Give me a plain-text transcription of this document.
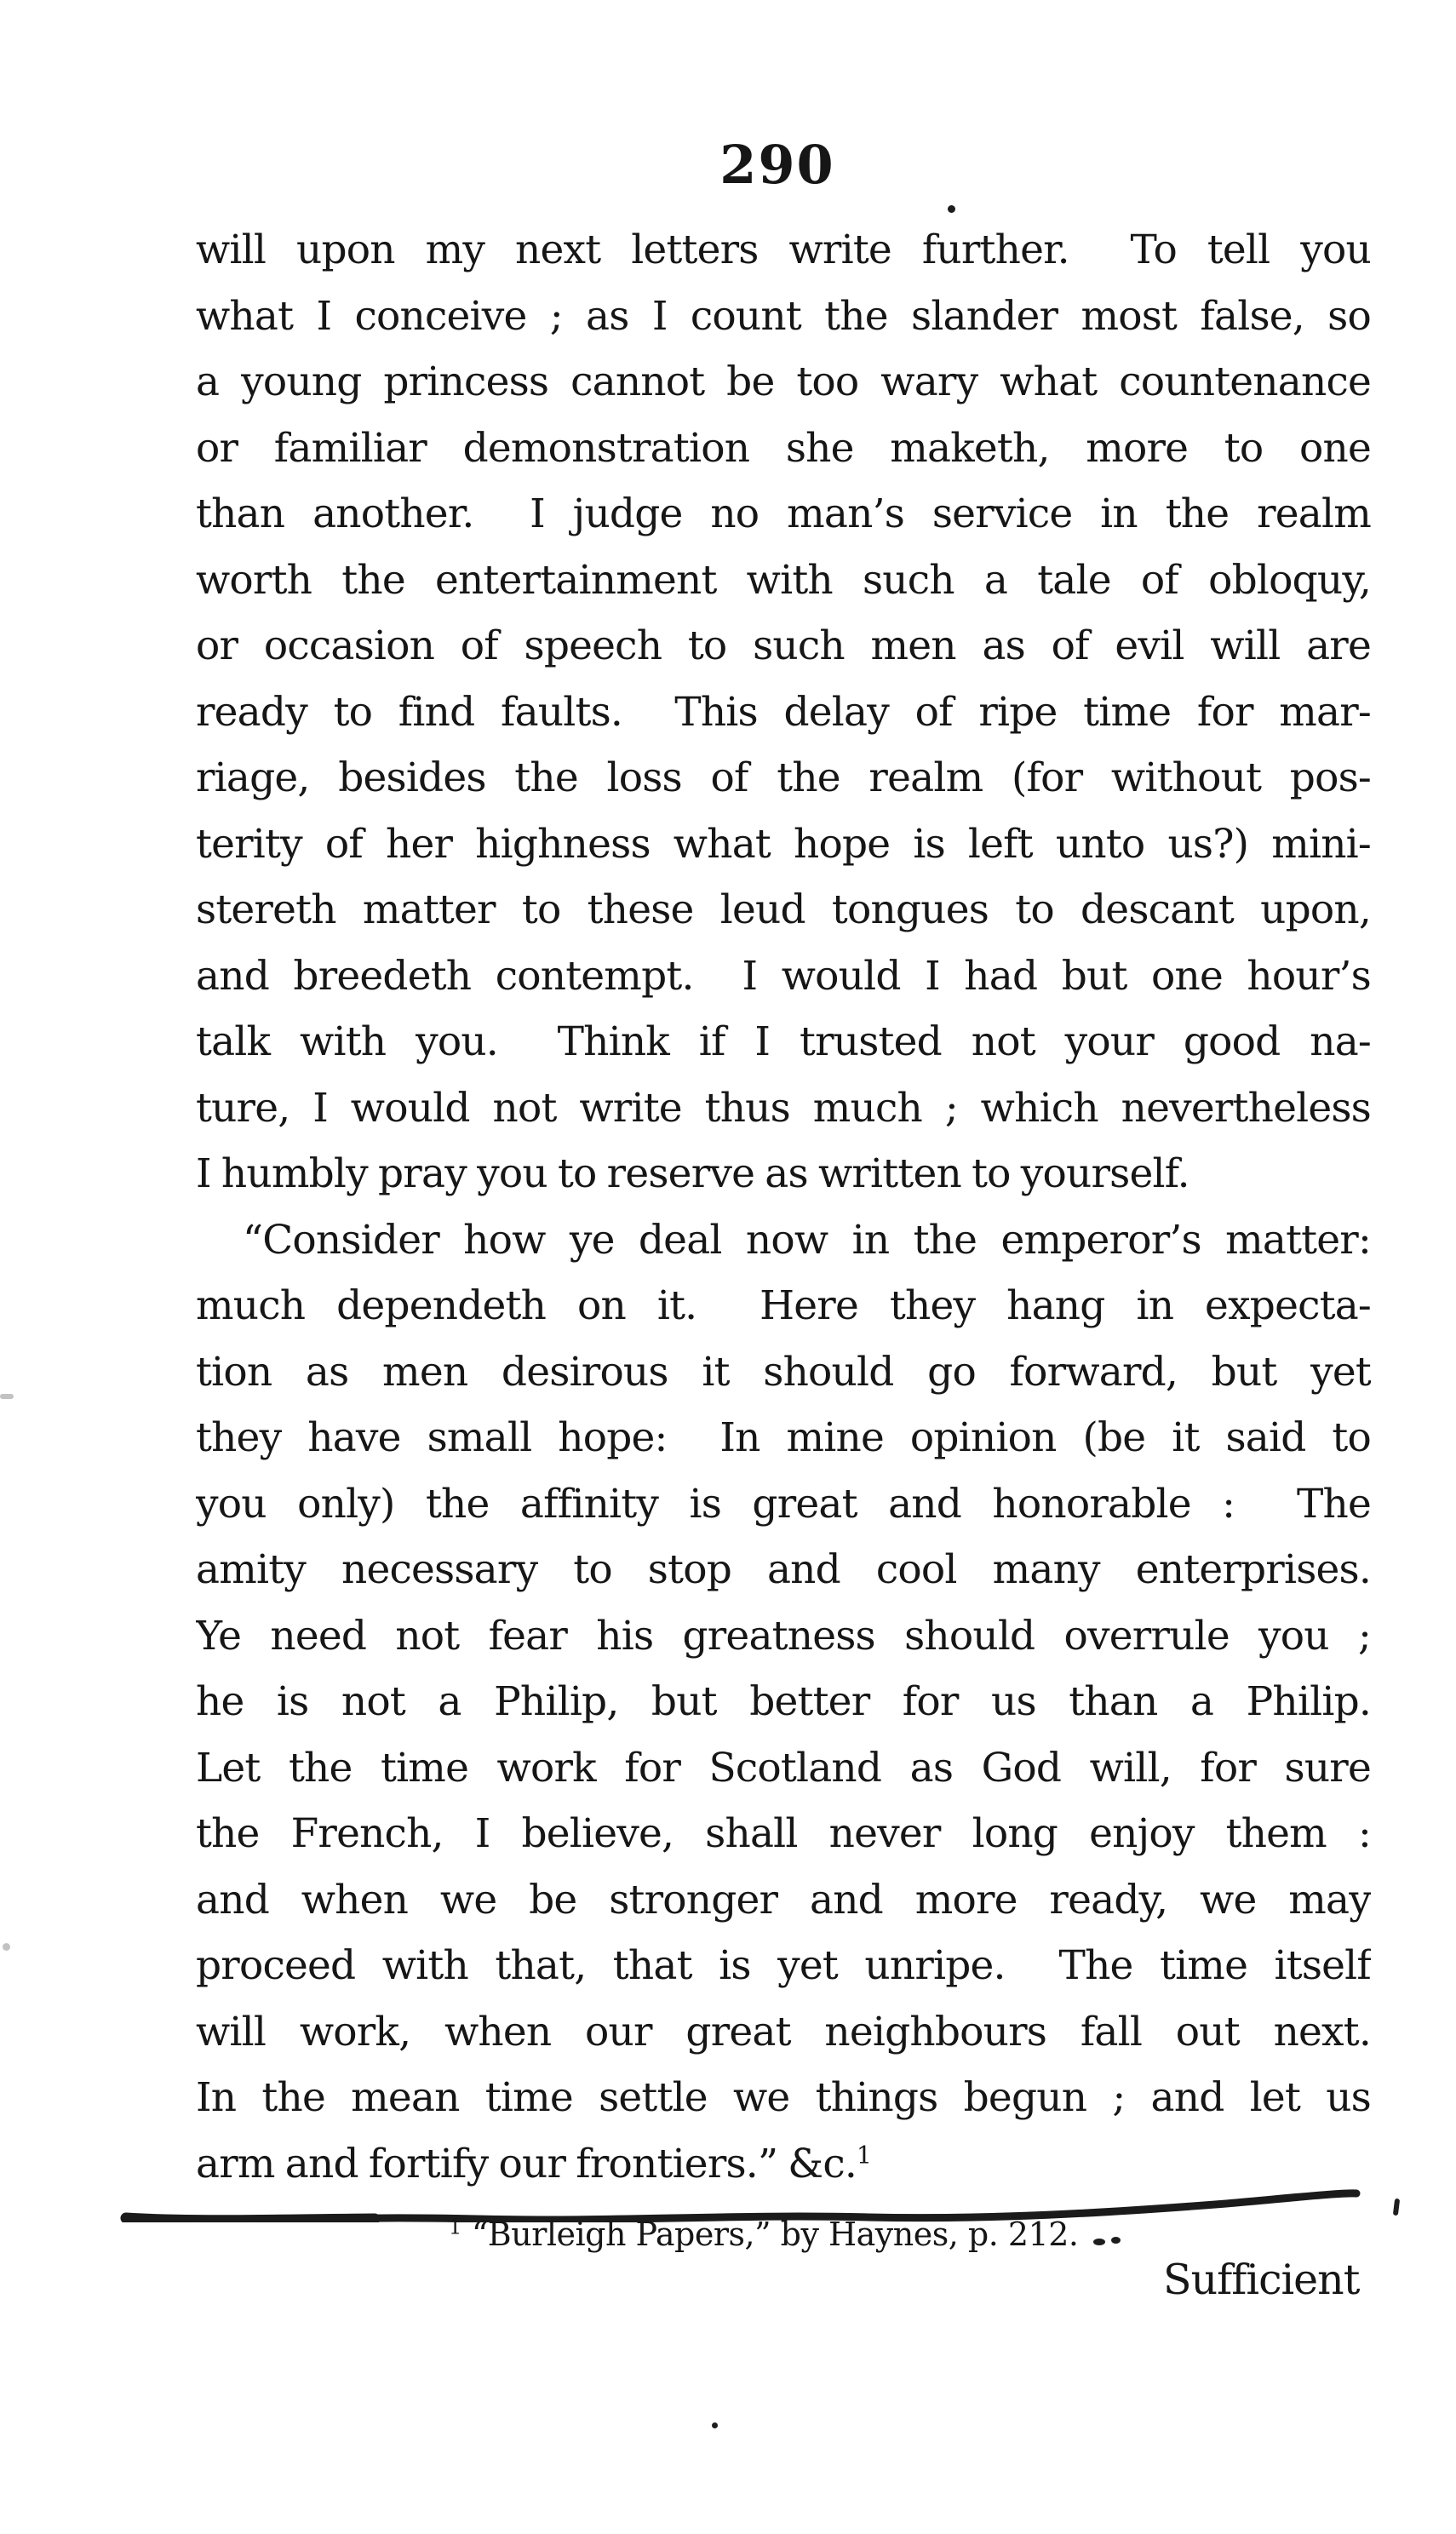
290
will upon my next letters write further.  To tell you
what I conceive ; as I count the slander most false, so
a young princess cannot be too wary what countenance
or familiar demonstration she maketh, more to one
than another.  I judge no man’s service in the realm
worth the entertainment with such a tale of obloquy,
or occasion of speech to such men as of evil will are
ready to find faults.  This delay of ripe time for mar-
riage, besides the loss of the realm (for without pos-
terity of her highness what hope is left unto us?) mini-
stereth matter to these leud tongues to descant upon,
and breedeth contempt.  I would I had but one hour’s
talk with you.  Think if I trusted not your good na-
ture, I would not write thus much ; which nevertheless
I humbly pray you to reserve as written to yourself.
“Consider how ye deal now in the emperor’s matter:
much dependeth on it.  Here they hang in expecta-
tion as men desirous it should go forward, but yet
they have small hope:  In mine opinion (be it said to
you only) the affinity is great and honorable :  The
amity necessary to stop and cool many enterprises.
Ye need not fear his greatness should overrule you ;
he is not a Philip, but better for us than a Philip.
Let the time work for Scotland as God will, for sure
the French, I believe, shall never long enjoy them :
and when we be stronger and more ready, we may
proceed with that, that is yet unripe.  The time itself
will work, when our great neighbours fall out next.
In the mean time settle we things begun ; and let us
arm and fortify our frontiers.” &c.$^1$
$^1$ “Burleigh Papers,” by Haynes, p. 212.
Sufficient
